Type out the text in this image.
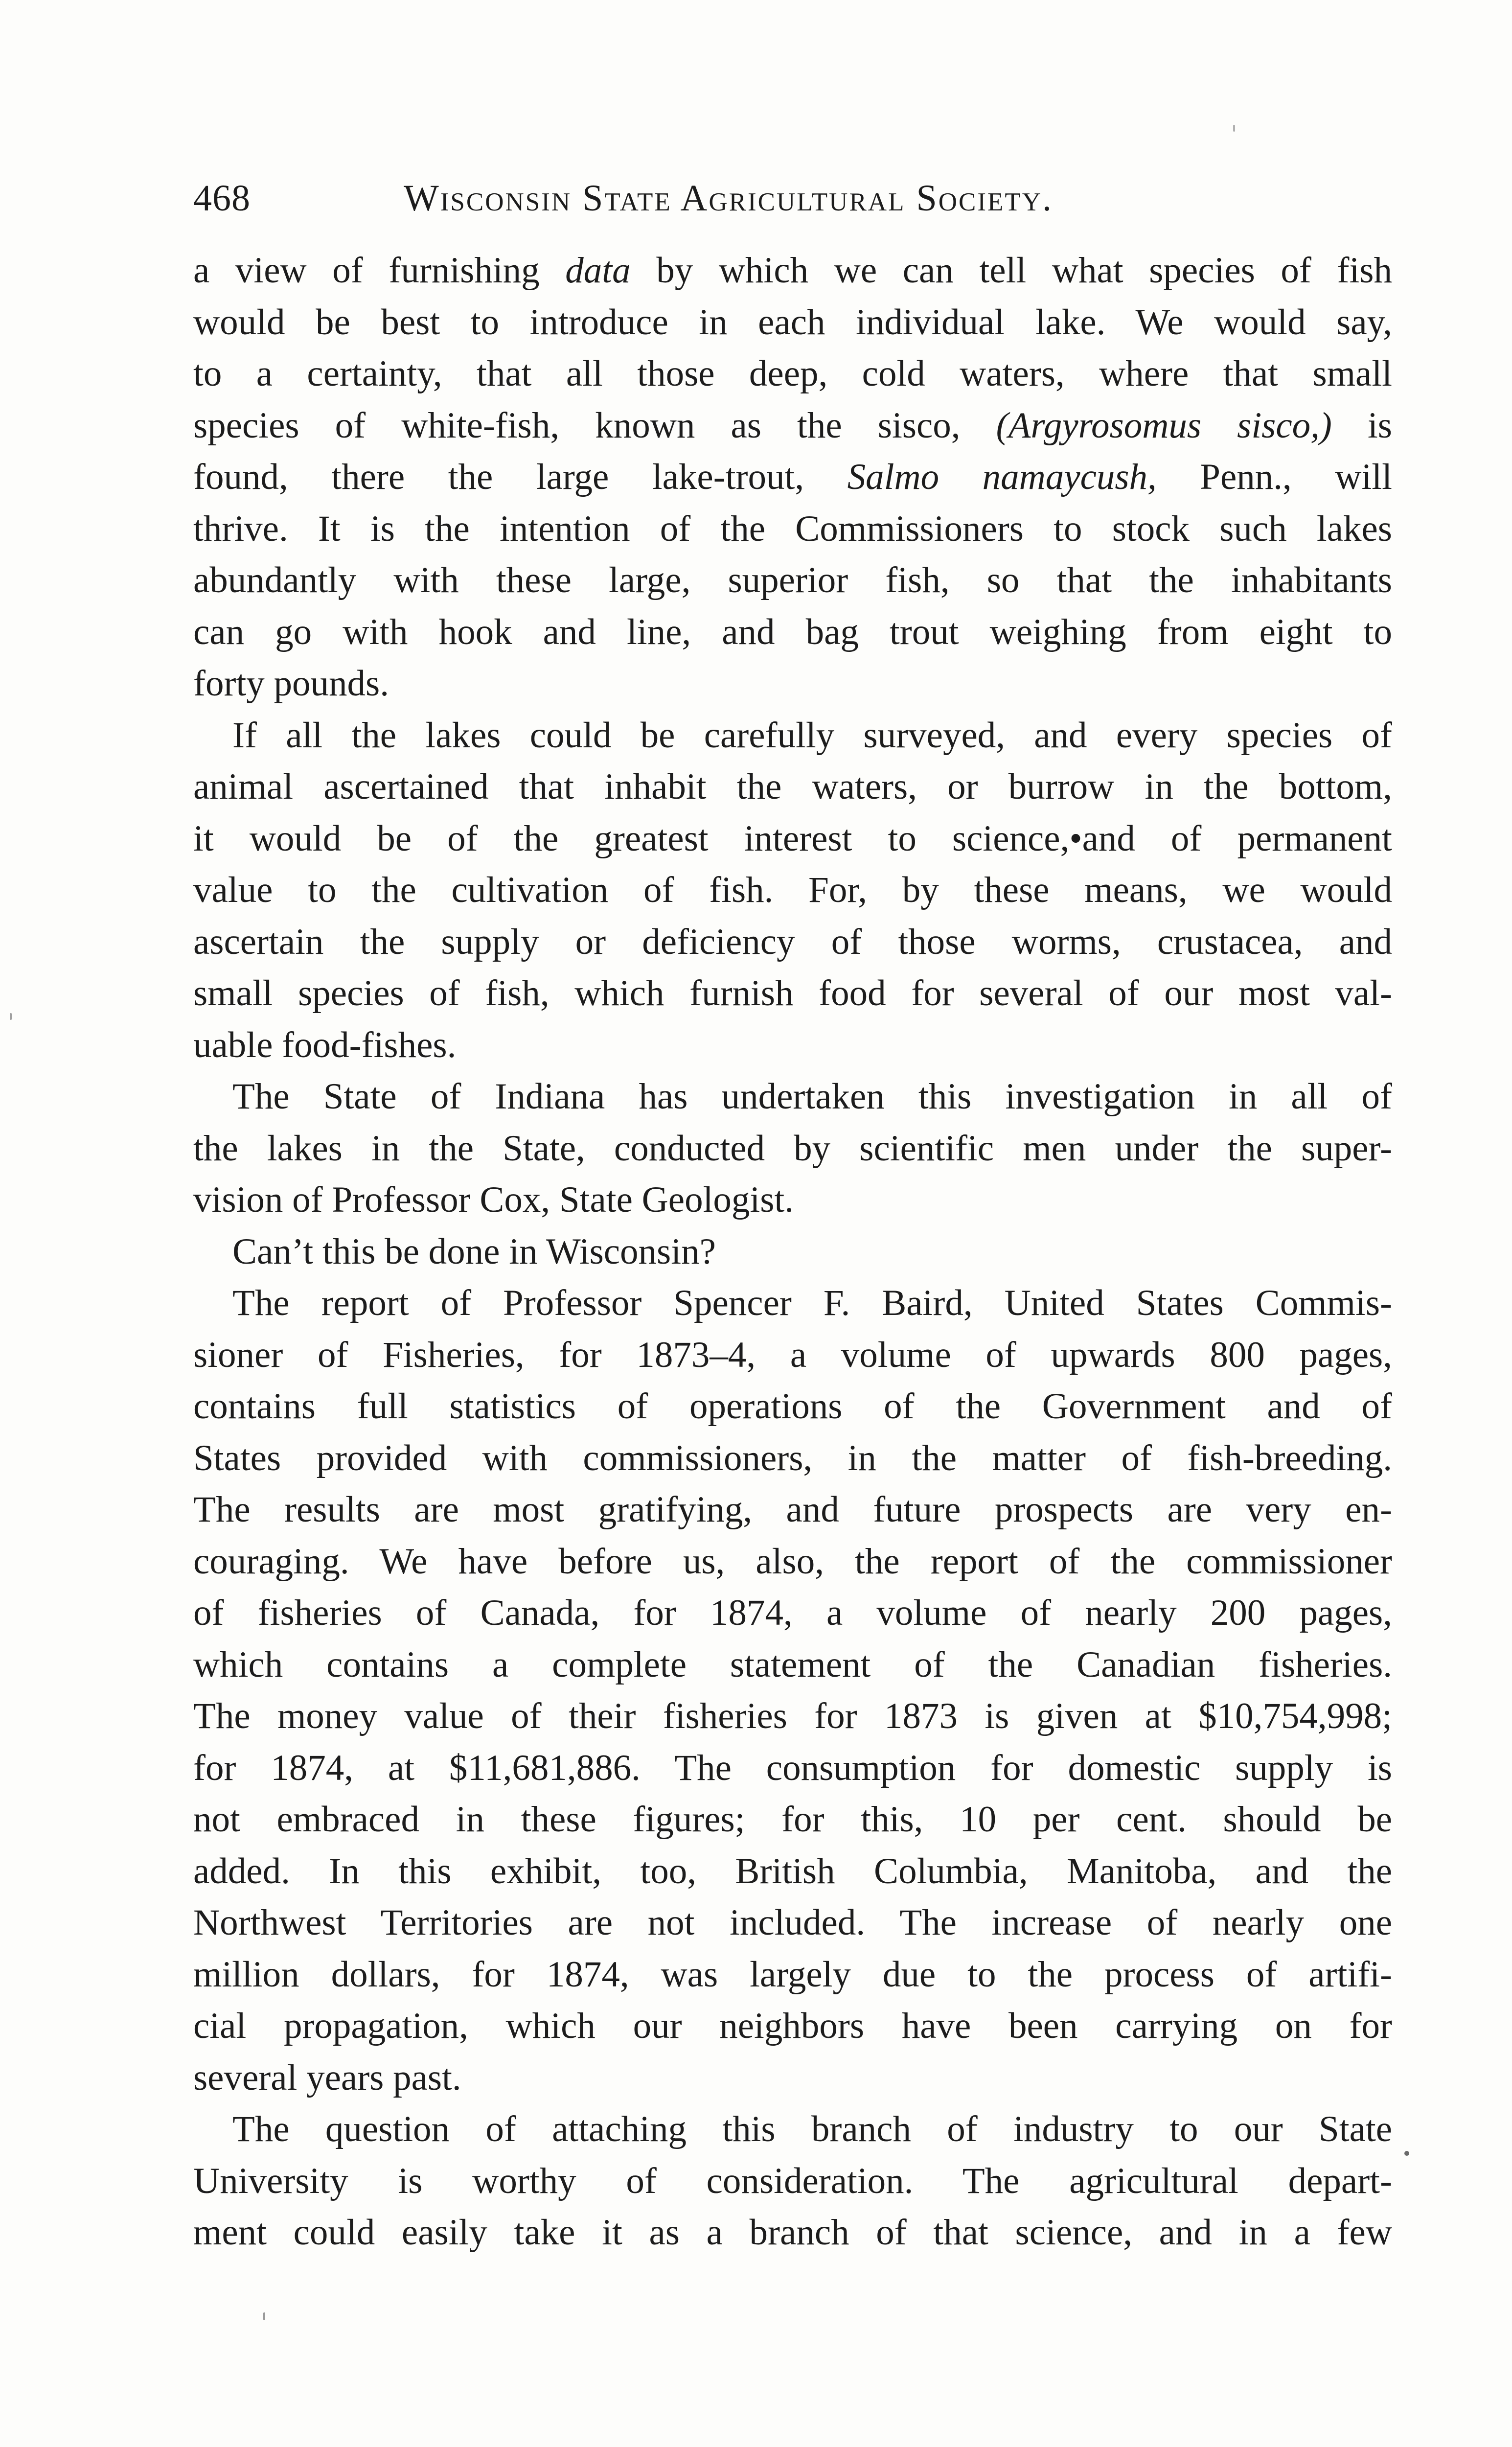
468	Wisconsin State Agricultural Society.
a view of furnishing data by which we can tell what species of fish
would be best to introduce in each individual lake. We would say,
to a certainty, that all those deep, cold waters, where that small
species of white-fish, known as the sisco, (Argyrosomus sisco,) is
found, there the large lake-trout, Salmo namaycush, Penn., will
thrive. It is the intention of the Commissioners to stock such lakes
abundantly with these large, superior fish, so that the inhabitants
can go with hook and line, and bag trout weighing from eight to
forty pounds.
If all the lakes could be carefully surveyed, and every species of
animal ascertained that inhabit the waters, or burrow in the bottom,
it would be of the greatest interest to science,•and of permanent
value to the cultivation of fish. For, by these means, we would
ascertain the supply or deficiency of those worms, crustacea, and
small species of fish, which furnish food for several of our most val-
uable food-fishes.
The State of Indiana has undertaken this investigation in all of
the lakes in the State, conducted by scientific men under the super-
vision of Professor Cox, State Geologist.
Can’t this be done in Wisconsin?
The report of Professor Spencer F. Baird, United States Commis-
sioner of Fisheries, for 1873–4, a volume of upwards 800 pages,
contains full statistics of operations of the Government and of
States provided with commissioners, in the matter of fish-breeding.
The results are most gratifying, and future prospects are very en-
couraging. We have before us, also, the report of the commissioner
of fisheries of Canada, for 1874, a volume of nearly 200 pages,
which contains a complete statement of the Canadian fisheries.
The money value of their fisheries for 1873 is given at $10,754,998;
for 1874, at $11,681,886. The consumption for domestic supply is
not embraced in these figures; for this, 10 per cent. should be
added. In this exhibit, too, British Columbia, Manitoba, and the
Northwest Territories are not included. The increase of nearly one
million dollars, for 1874, was largely due to the process of artifi-
cial propagation, which our neighbors have been carrying on for
several years past.
The question of attaching this branch of industry to our State
University is worthy of consideration. The agricultural depart-
ment could easily take it as a branch of that science, and in a few
